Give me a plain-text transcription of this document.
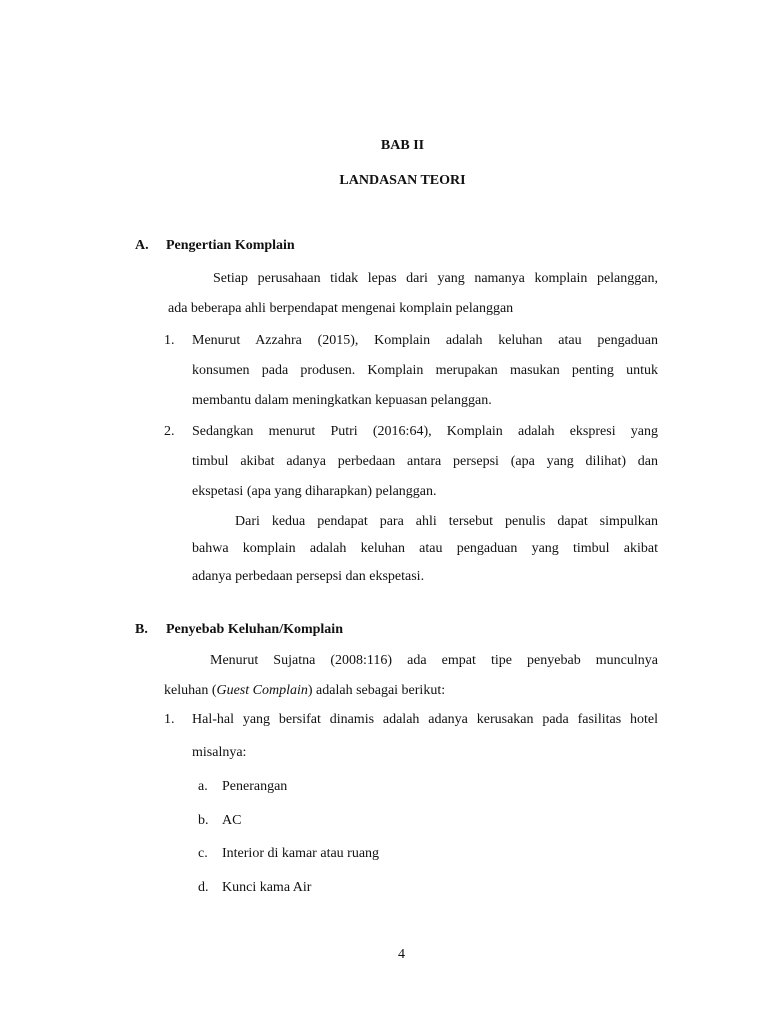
BAB II
LANDASAN TEORI
A. Pengertian Komplain
Setiap perusahaan tidak lepas dari yang namanya komplain pelanggan,
ada beberapa ahli berpendapat mengenai komplain pelanggan
1. Menurut Azzahra (2015), Komplain adalah keluhan atau pengaduan
konsumen pada produsen. Komplain merupakan masukan penting untuk
membantu dalam meningkatkan kepuasan pelanggan.
2. Sedangkan menurut Putri (2016:64), Komplain adalah ekspresi yang
timbul akibat adanya perbedaan antara persepsi (apa yang dilihat) dan
ekspetasi (apa yang diharapkan) pelanggan.
Dari kedua pendapat para ahli tersebut penulis dapat simpulkan
bahwa komplain adalah keluhan atau pengaduan yang timbul akibat
adanya perbedaan persepsi dan ekspetasi.
B. Penyebab Keluhan/Komplain
Menurut Sujatna (2008:116) ada empat tipe penyebab munculnya
keluhan (Guest Complain) adalah sebagai berikut:
1. Hal-hal yang bersifat dinamis adalah adanya kerusakan pada fasilitas hotel
misalnya:
a. Penerangan
b. AC
c. Interior di kamar atau ruang
d. Kunci kama Air
4
